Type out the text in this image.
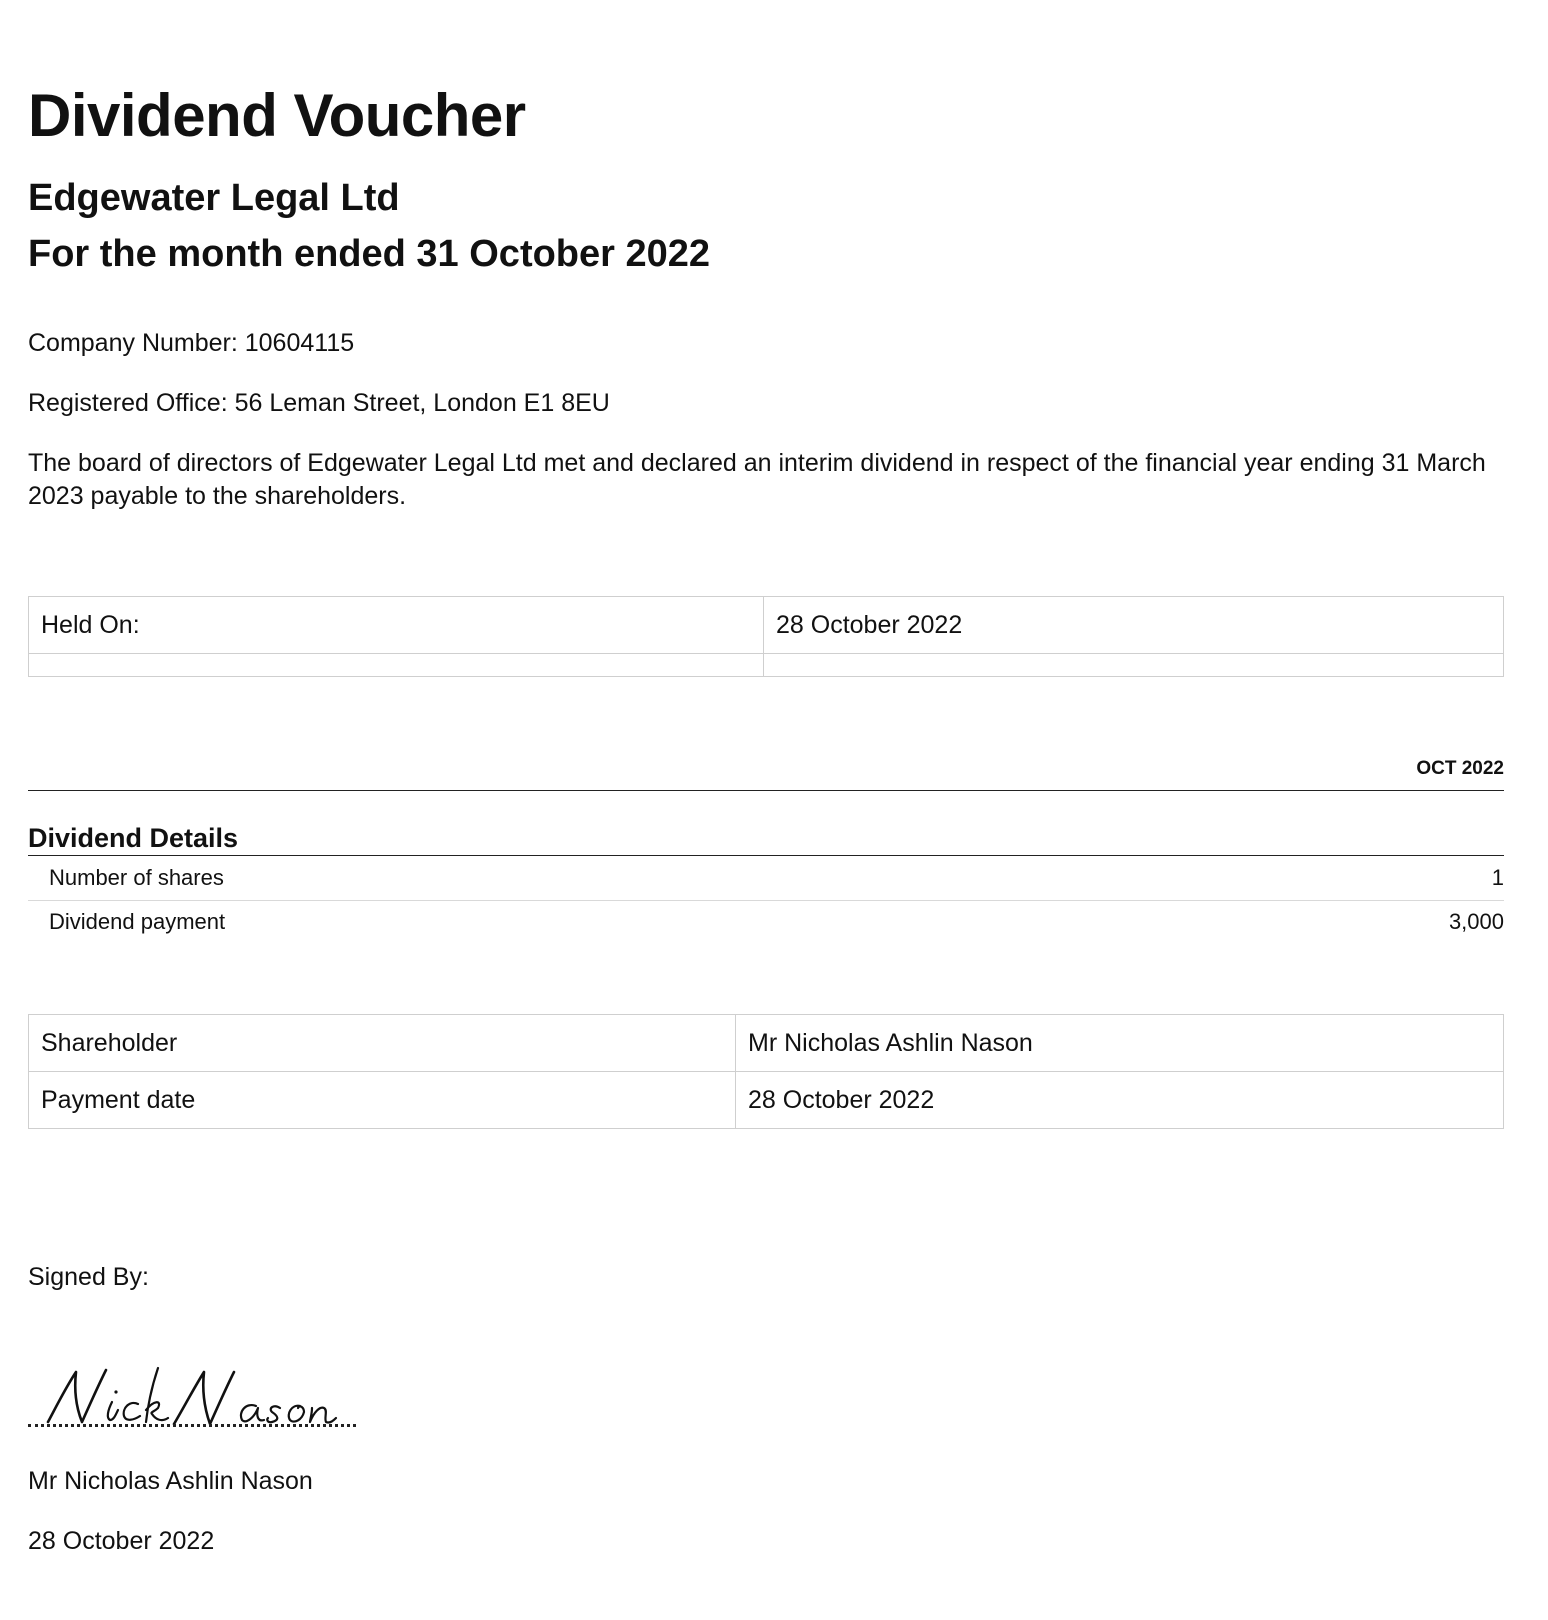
Dividend Voucher
Edgewater Legal Ltd
For the month ended 31 October 2022

Company Number: 10604115

Registered Office: 56 Leman Street, London E1 8EU

The board of directors of Edgewater Legal Ltd met and declared an interim dividend in respect of the financial year ending 31 March 2023 payable to the shareholders.

Held On:	28 October 2022

OCT 2022
Dividend Details
Number of shares	1
Dividend payment	3,000
Shareholder	Mr Nicholas Ashlin Nason
Payment date	28 October 2022

Signed By:

Mr Nicholas Ashlin Nason

28 October 2022
